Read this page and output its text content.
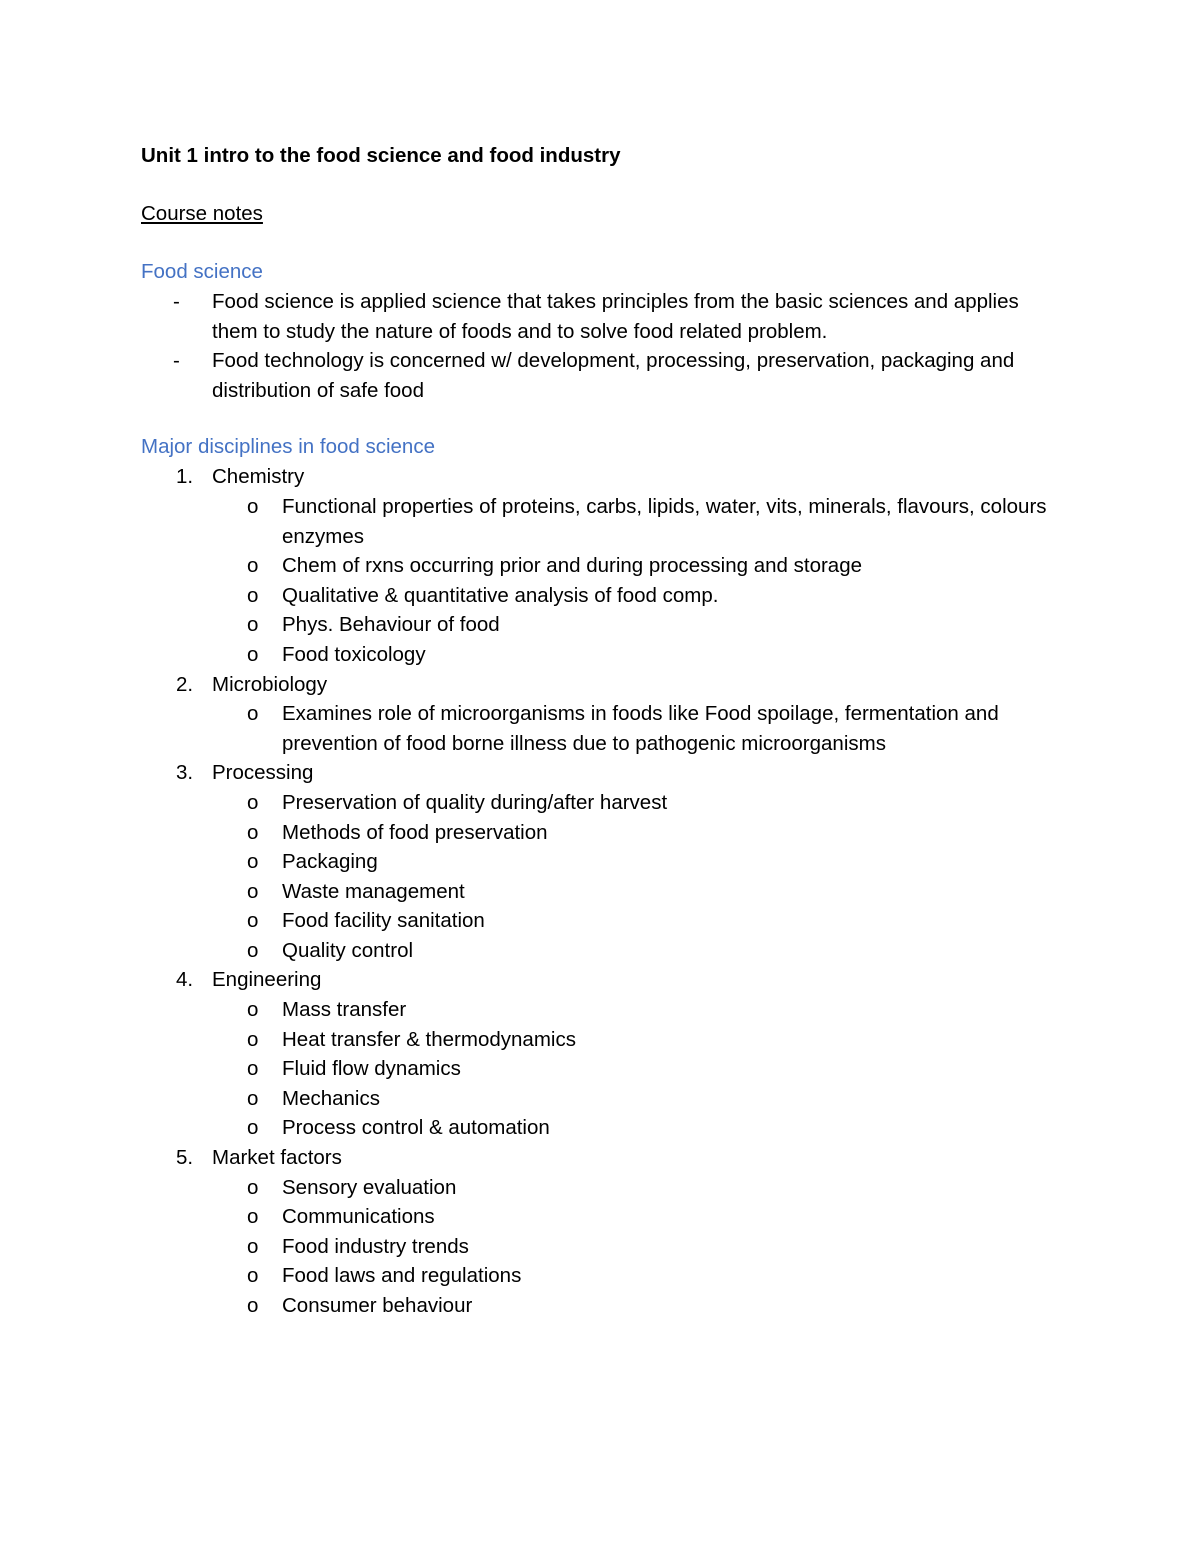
Unit 1 intro to the food science and food industry

Course notes

Food science

- Food science is applied science that takes principles from the basic sciences and applies them to study the nature of foods and to solve food related problem.
- Food technology is concerned w/ development, processing, preservation, packaging and distribution of safe food

Major disciplines in food science

1. Chemistry
o Functional properties of proteins, carbs, lipids, water, vits, minerals, flavours, colours enzymes
o Chem of rxns occurring prior and during processing and storage
o Qualitative & quantitative analysis of food comp.
o Phys. Behaviour of food
o Food toxicology
2. Microbiology
o Examines role of microorganisms in foods like Food spoilage, fermentation and prevention of food borne illness due to pathogenic microorganisms
3. Processing
o Preservation of quality during/after harvest
o Methods of food preservation
o Packaging
o Waste management
o Food facility sanitation
o Quality control
4. Engineering
o Mass transfer
o Heat transfer & thermodynamics
o Fluid flow dynamics
o Mechanics
o Process control & automation
5. Market factors
o Sensory evaluation
o Communications
o Food industry trends
o Food laws and regulations
o Consumer behaviour
